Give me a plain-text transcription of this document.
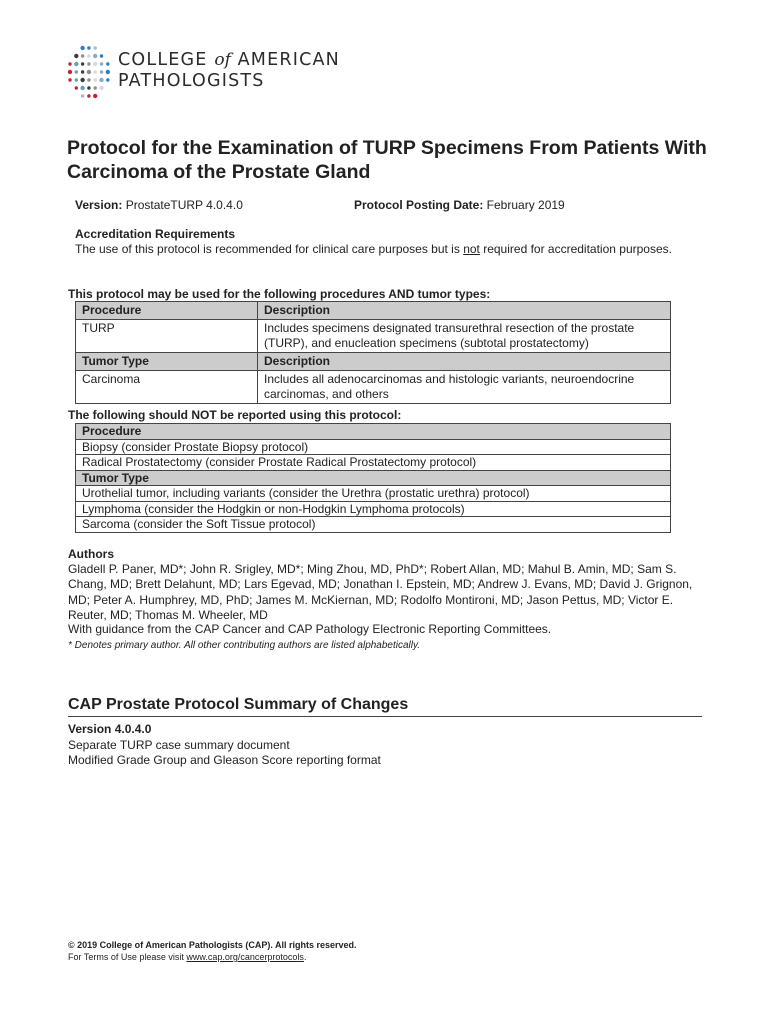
COLLEGE of AMERICAN
PATHOLOGISTS
Protocol for the Examination of TURP Specimens From Patients With Carcinoma of the Prostate Gland
Version: ProstateTURP 4.0.4.0	Protocol Posting Date: February 2019
Accreditation Requirements
The use of this protocol is recommended for clinical care purposes but is not required for accreditation purposes.
This protocol may be used for the following procedures AND tumor types:
Procedure	Description
TURP	Includes specimens designated transurethral resection of the prostate (TURP), and enucleation specimens (subtotal prostatectomy)
Tumor Type	Description
Carcinoma	Includes all adenocarcinomas and histologic variants, neuroendocrine carcinomas, and others
The following should NOT be reported using this protocol:
Procedure
Biopsy (consider Prostate Biopsy protocol)
Radical Prostatectomy (consider Prostate Radical Prostatectomy protocol)
Tumor Type
Urothelial tumor, including variants (consider the Urethra (prostatic urethra) protocol)
Lymphoma (consider the Hodgkin or non-Hodgkin Lymphoma protocols)
Sarcoma (consider the Soft Tissue protocol)
Authors
Gladell P. Paner, MD*; John R. Srigley, MD*; Ming Zhou, MD, PhD*; Robert Allan, MD; Mahul B. Amin, MD; Sam S. Chang, MD; Brett Delahunt, MD; Lars Egevad, MD; Jonathan I. Epstein, MD; Andrew J. Evans, MD; David J. Grignon, MD; Peter A. Humphrey, MD, PhD; James M. McKiernan, MD; Rodolfo Montironi, MD; Jason Pettus, MD; Victor E. Reuter, MD; Thomas M. Wheeler, MD
With guidance from the CAP Cancer and CAP Pathology Electronic Reporting Committees.
* Denotes primary author. All other contributing authors are listed alphabetically.
CAP Prostate Protocol Summary of Changes
Version 4.0.4.0
Separate TURP case summary document
Modified Grade Group and Gleason Score reporting format
© 2019 College of American Pathologists (CAP). All rights reserved.
For Terms of Use please visit www.cap.org/cancerprotocols.
